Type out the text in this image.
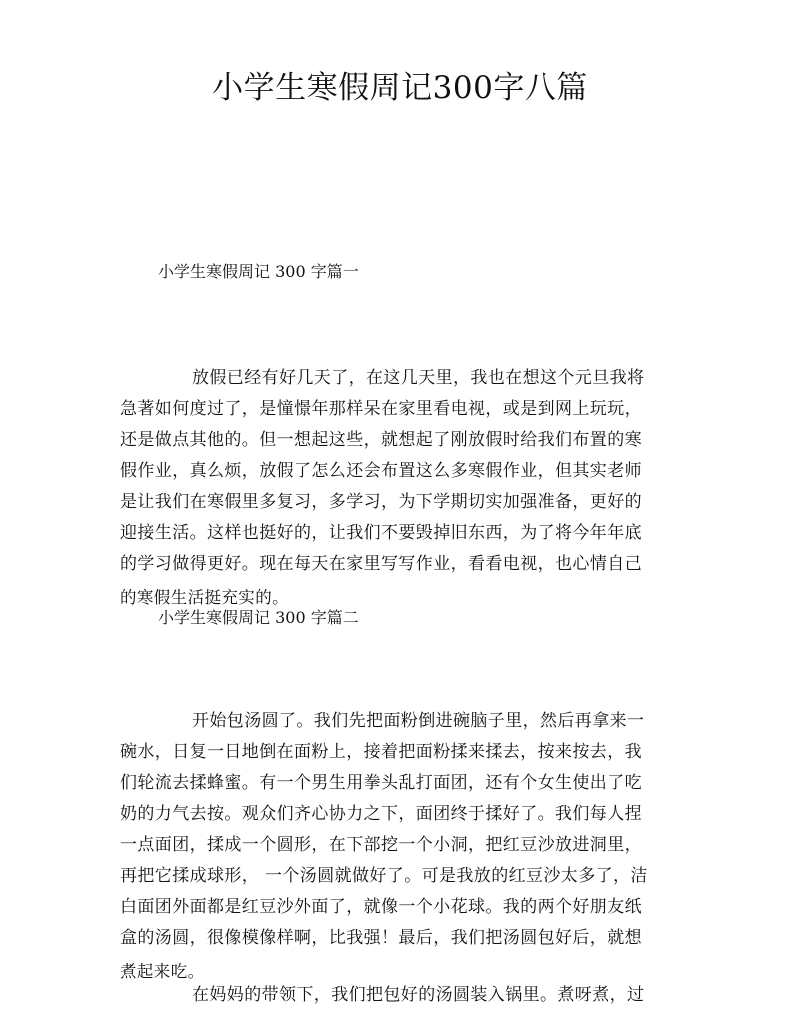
小学生寒假周记300字八篇
小学生寒假周记 300 字篇一
放假已经有好几天了，在这几天里，我也在想这个元旦我将
急著如何度过了，是憧憬年那样呆在家里看电视，或是到网上玩玩，
还是做点其他的。但一想起这些，就想起了刚放假时给我们布置的寒
假作业，真么烦，放假了怎么还会布置这么多寒假作业，但其实老师
是让我们在寒假里多复习，多学习，为下学期切实加强准备，更好的
迎接生活。这样也挺好的，让我们不要毁掉旧东西，为了将今年年底
的学习做得更好。现在每天在家里写写作业，看看电视，也心情自己
的寒假生活挺充实的。
小学生寒假周记 300 字篇二
开始包汤圆了。我们先把面粉倒进碗脑子里，然后再拿来一
碗水，日复一日地倒在面粉上，接着把面粉揉来揉去，按来按去，我
们轮流去揉蜂蜜。有一个男生用拳头乱打面团，还有个女生使出了吃
奶的力气去按。观众们齐心协力之下，面团终于揉好了。我们每人捏
一点面团，揉成一个圆形，在下部挖一个小洞，把红豆沙放进洞里，
再把它揉成球形， 一个汤圆就做好了。可是我放的红豆沙太多了，洁
白面团外面都是红豆沙外面了，就像一个小花球。我的两个好朋友纸
盒的汤圆，很像模像样啊，比我强！最后，我们把汤圆包好后，就想
煮起来吃。
在妈妈的带领下，我们把包好的汤圆装入锅里。煮呀煮，过
